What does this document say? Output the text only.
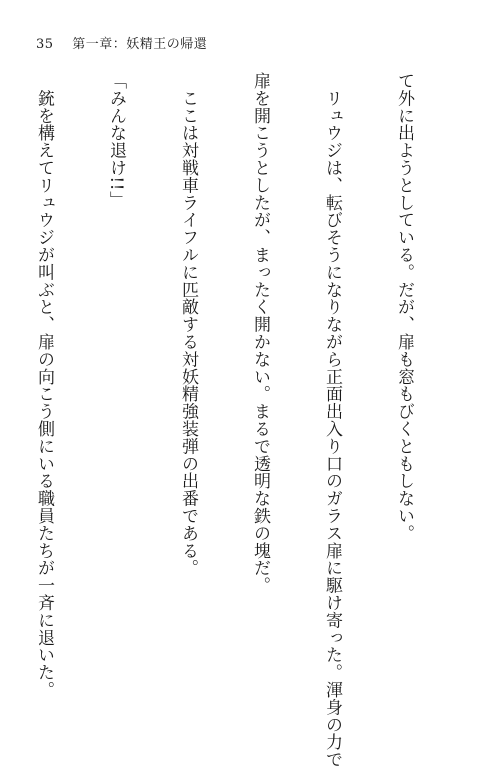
35 第一章：妖精王の帰還

て外に出ようとしている。だが、扉も窓もびくともしない。

　リュウジは、転びそうになりながら正面出入り口のガラス扉に駆け寄った。渾身の力で

扉を開こうとしたが、まったく開かない。まるで透明な鉄の塊だ。

　ここは対戦車ライフルに匹敵する対妖精強装弾の出番である。

「みんな退け!!」

　銃を構えてリュウジが叫ぶと、扉の向こう側にいる職員たちが一斉に退いた。
